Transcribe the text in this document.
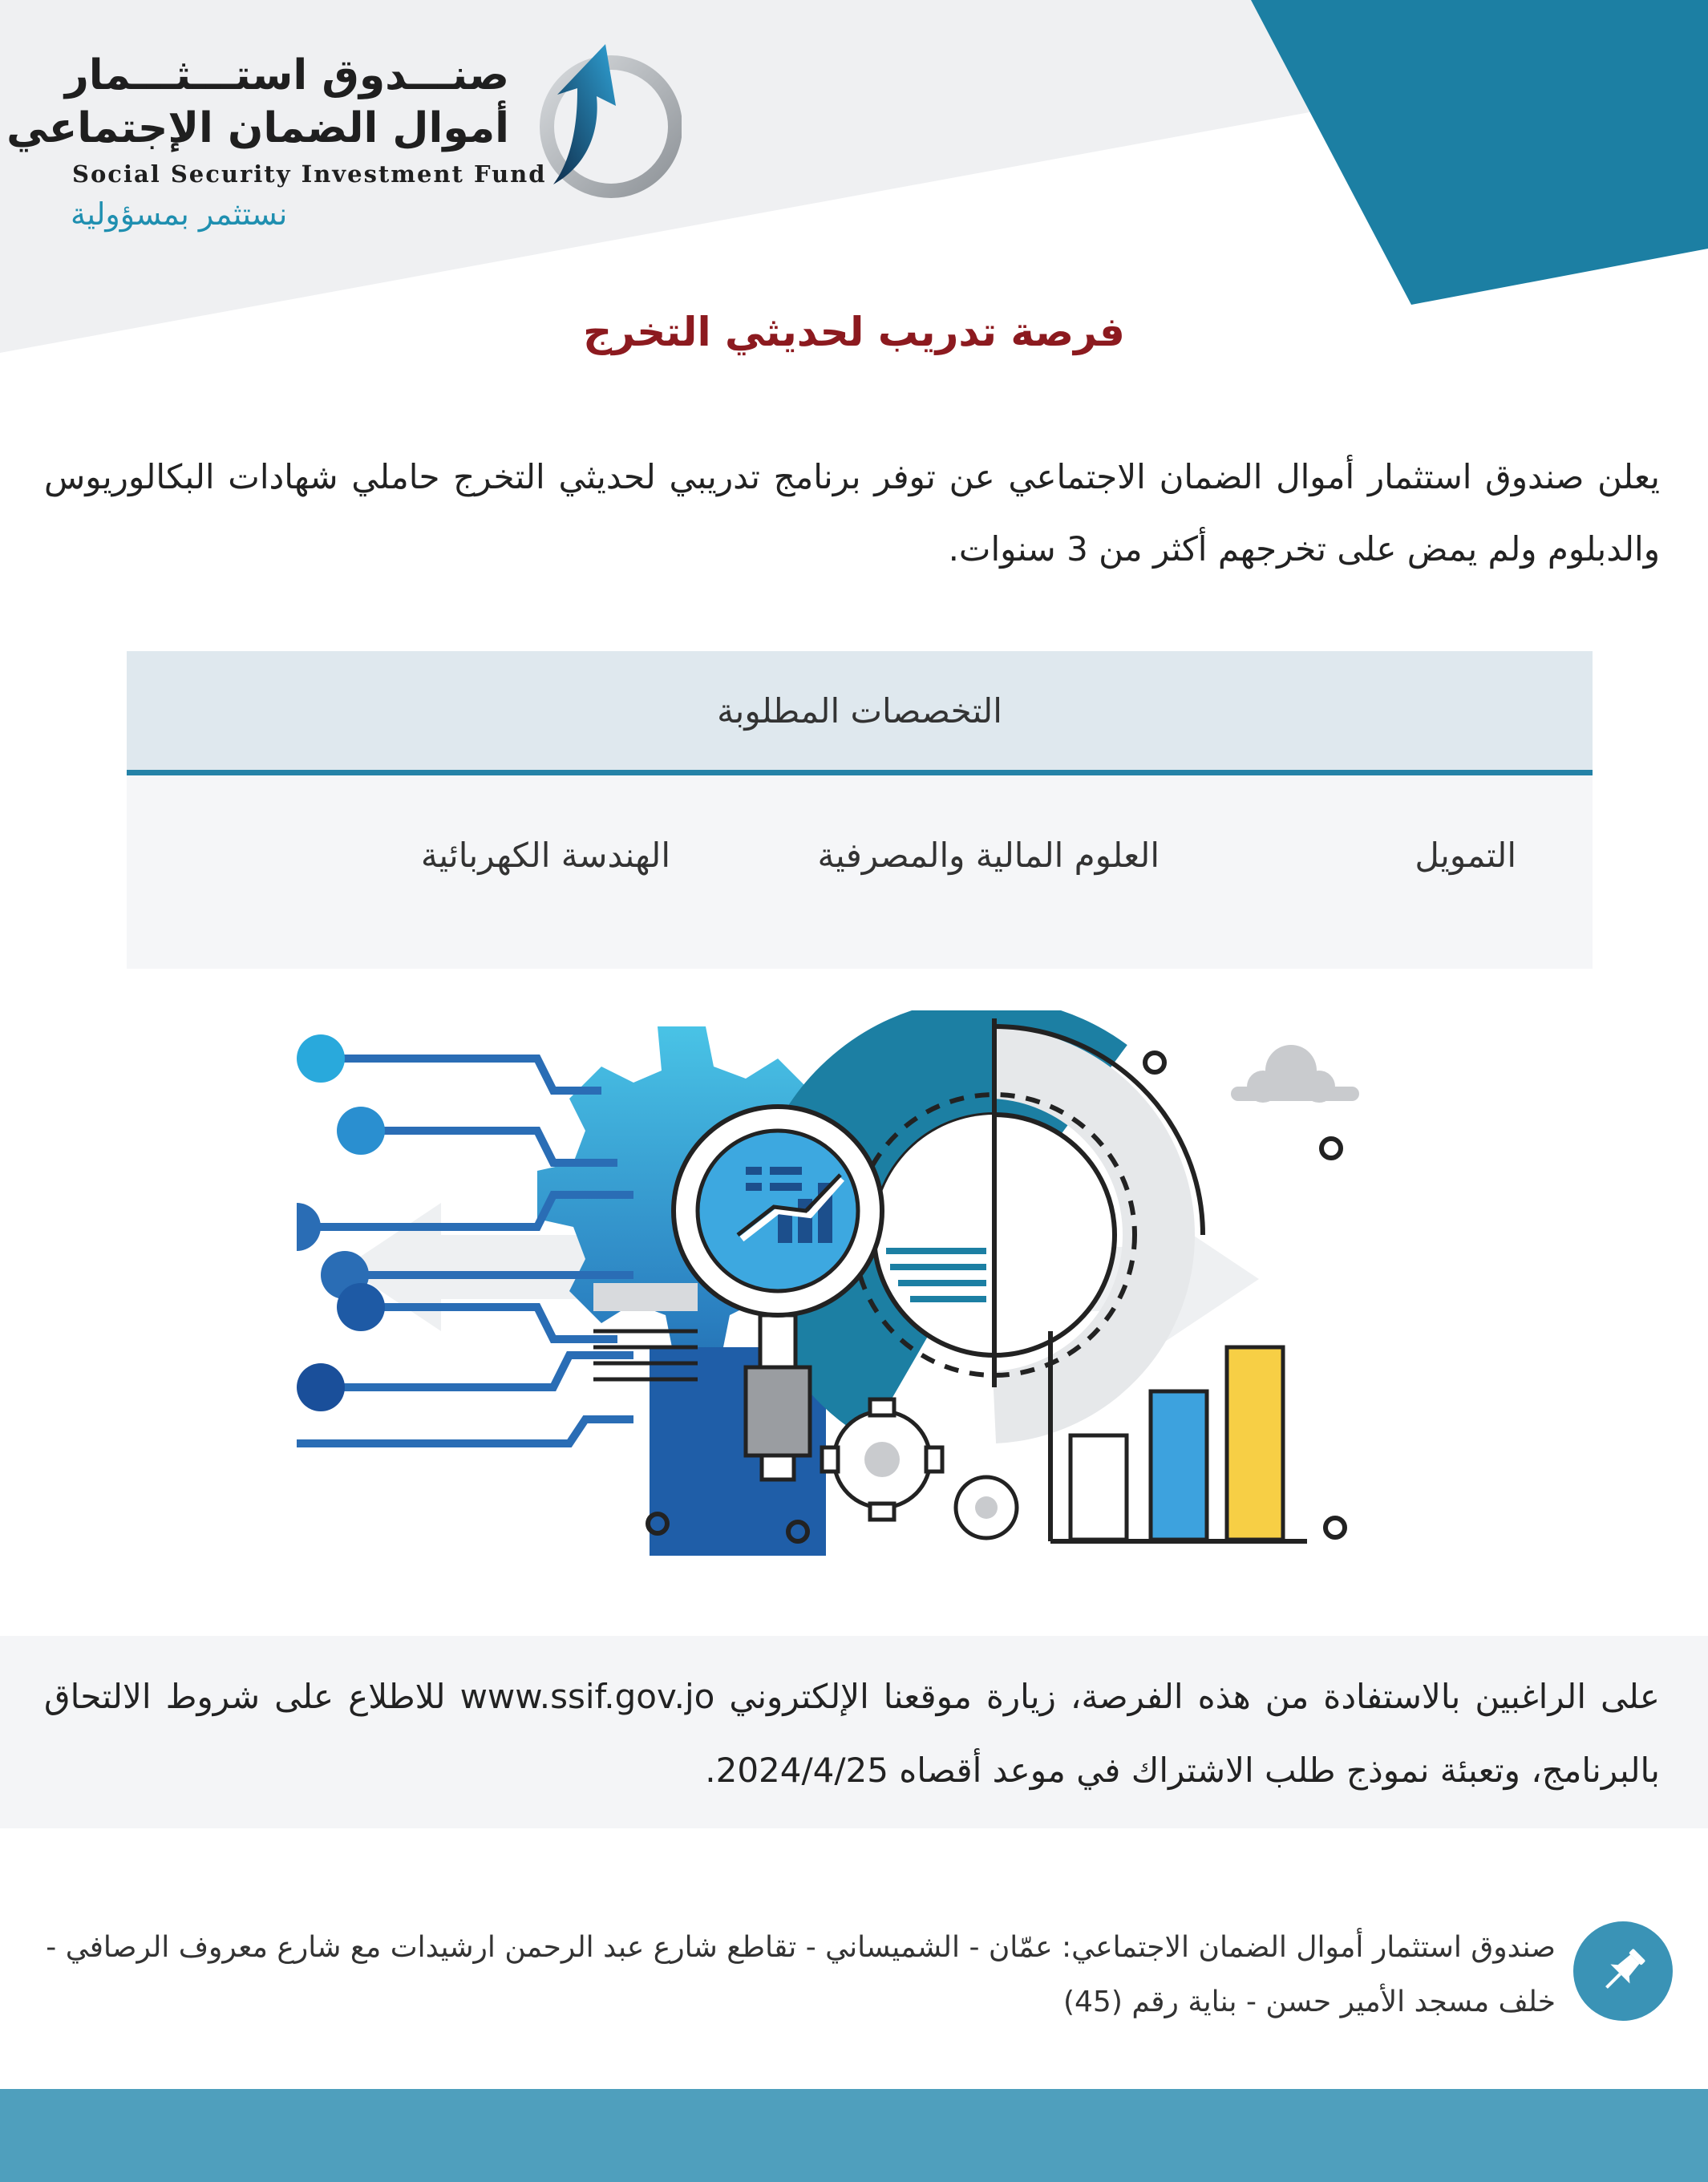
صنـــدوق استـــثـــمار
أموال الضمان الإجتماعي
Social Security Investment Fund
نستثمر بمسؤولية
فرصة تدريب لحديثي التخرج
يعلن صندوق استثمار أموال الضمان الاجتماعي عن توفر برنامج تدريبي لحديثي التخرج حاملي شهادات البكالوريوس والدبلوم ولم يمض على تخرجهم أكثر من 3 سنوات.
التخصصات المطلوبة
التمويل
العلوم المالية والمصرفية
الهندسة الكهربائية
على الراغبين بالاستفادة من هذه الفرصة، زيارة موقعنا الإلكتروني www.ssif.gov.jo للاطلاع على شروط الالتحاق بالبرنامج، وتعبئة نموذج طلب الاشتراك في موعد أقصاه 2024/4/25.
صندوق استثمار أموال الضمان الاجتماعي: عمّان - الشميساني - تقاطع شارع عبد الرحمن ارشيدات مع شارع معروف الرصافي - خلف مسجد الأمير حسن - بناية رقم (45)
